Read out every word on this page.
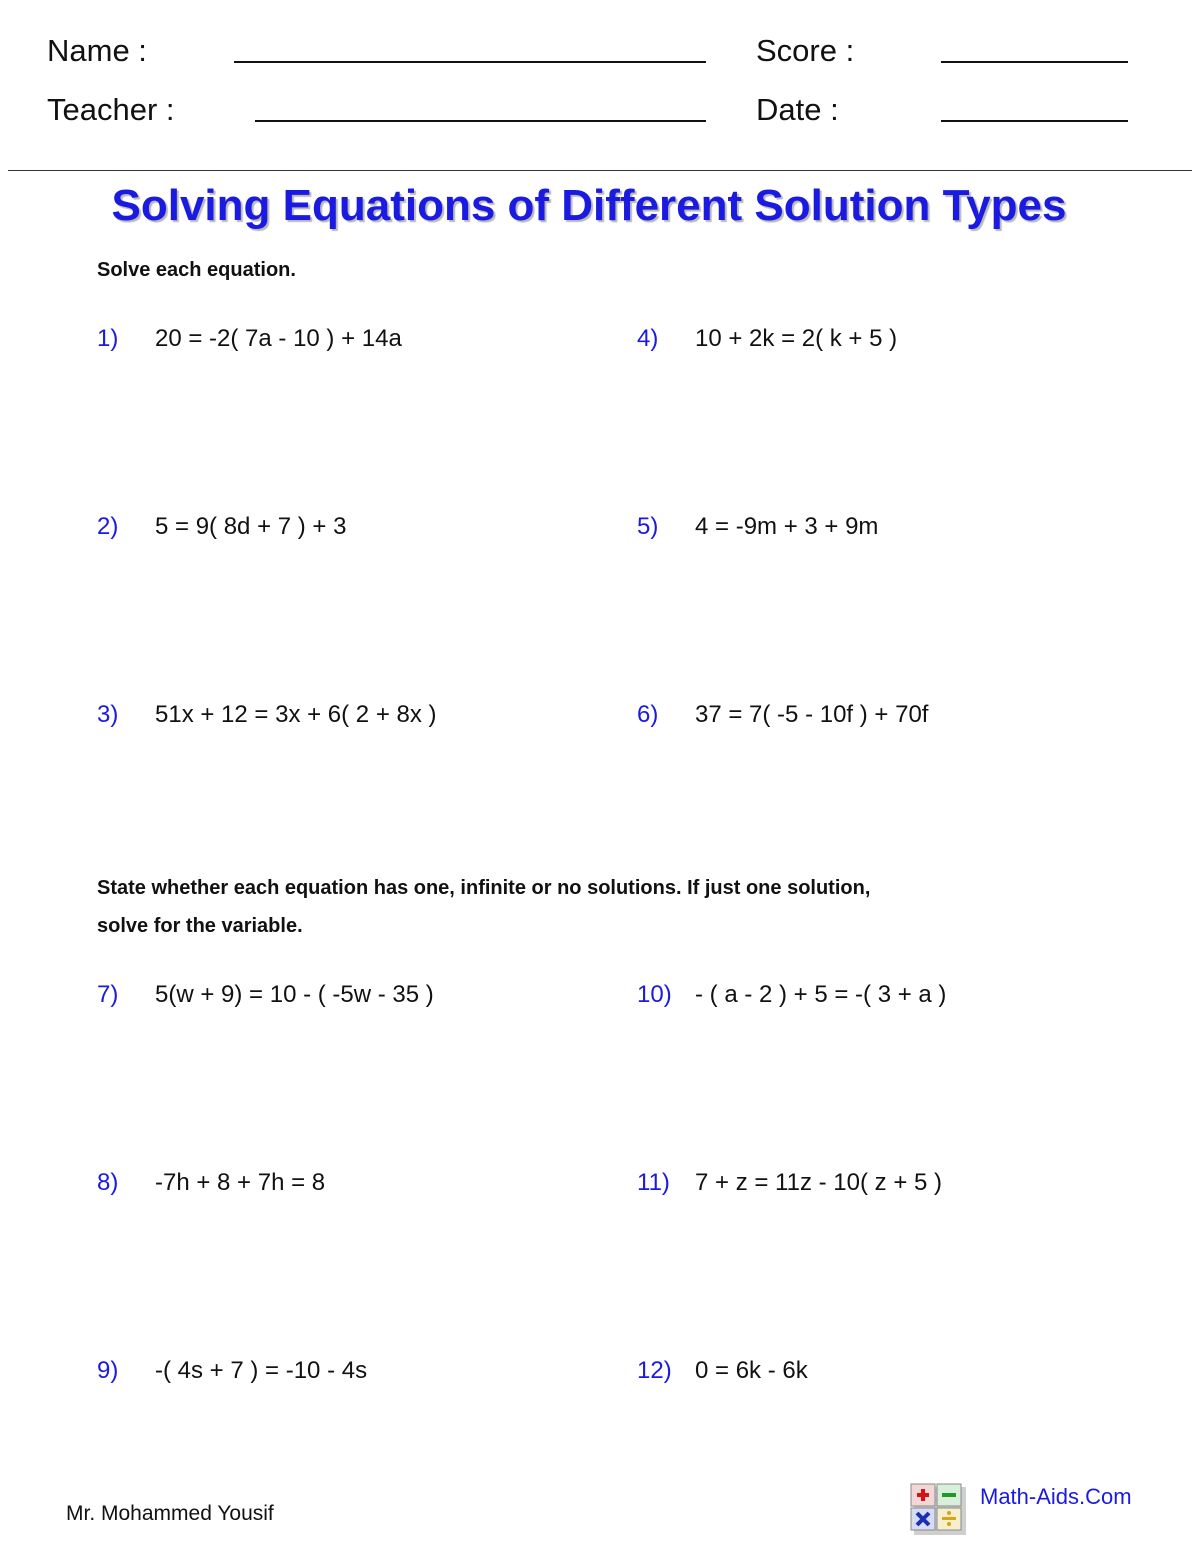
Name :	Score :
Teacher :	Date :
Solving Equations of Different Solution Types
Solve each equation.
1) 20 = -2( 7a - 10 ) + 14a
2) 5 = 9( 8d + 7 ) + 3
3) 51x + 12 = 3x + 6( 2 + 8x )
4) 10 + 2k = 2( k + 5 )
5) 4 = -9m + 3 + 9m
6) 37 = 7( -5 - 10f ) + 70f
State whether each equation has one, infinite or no solutions. If just one solution,
solve for the variable.
7) 5(w + 9) = 10 - ( -5w - 35 )
8) -7h + 8 + 7h = 8
9) -( 4s + 7 ) = -10 - 4s
10) - ( a - 2 ) + 5 = -( 3 + a )
11) 7 + z = 11z - 10( z + 5 )
12) 0 = 6k - 6k
Mr. Mohammed Yousif
Math-Aids.Com
